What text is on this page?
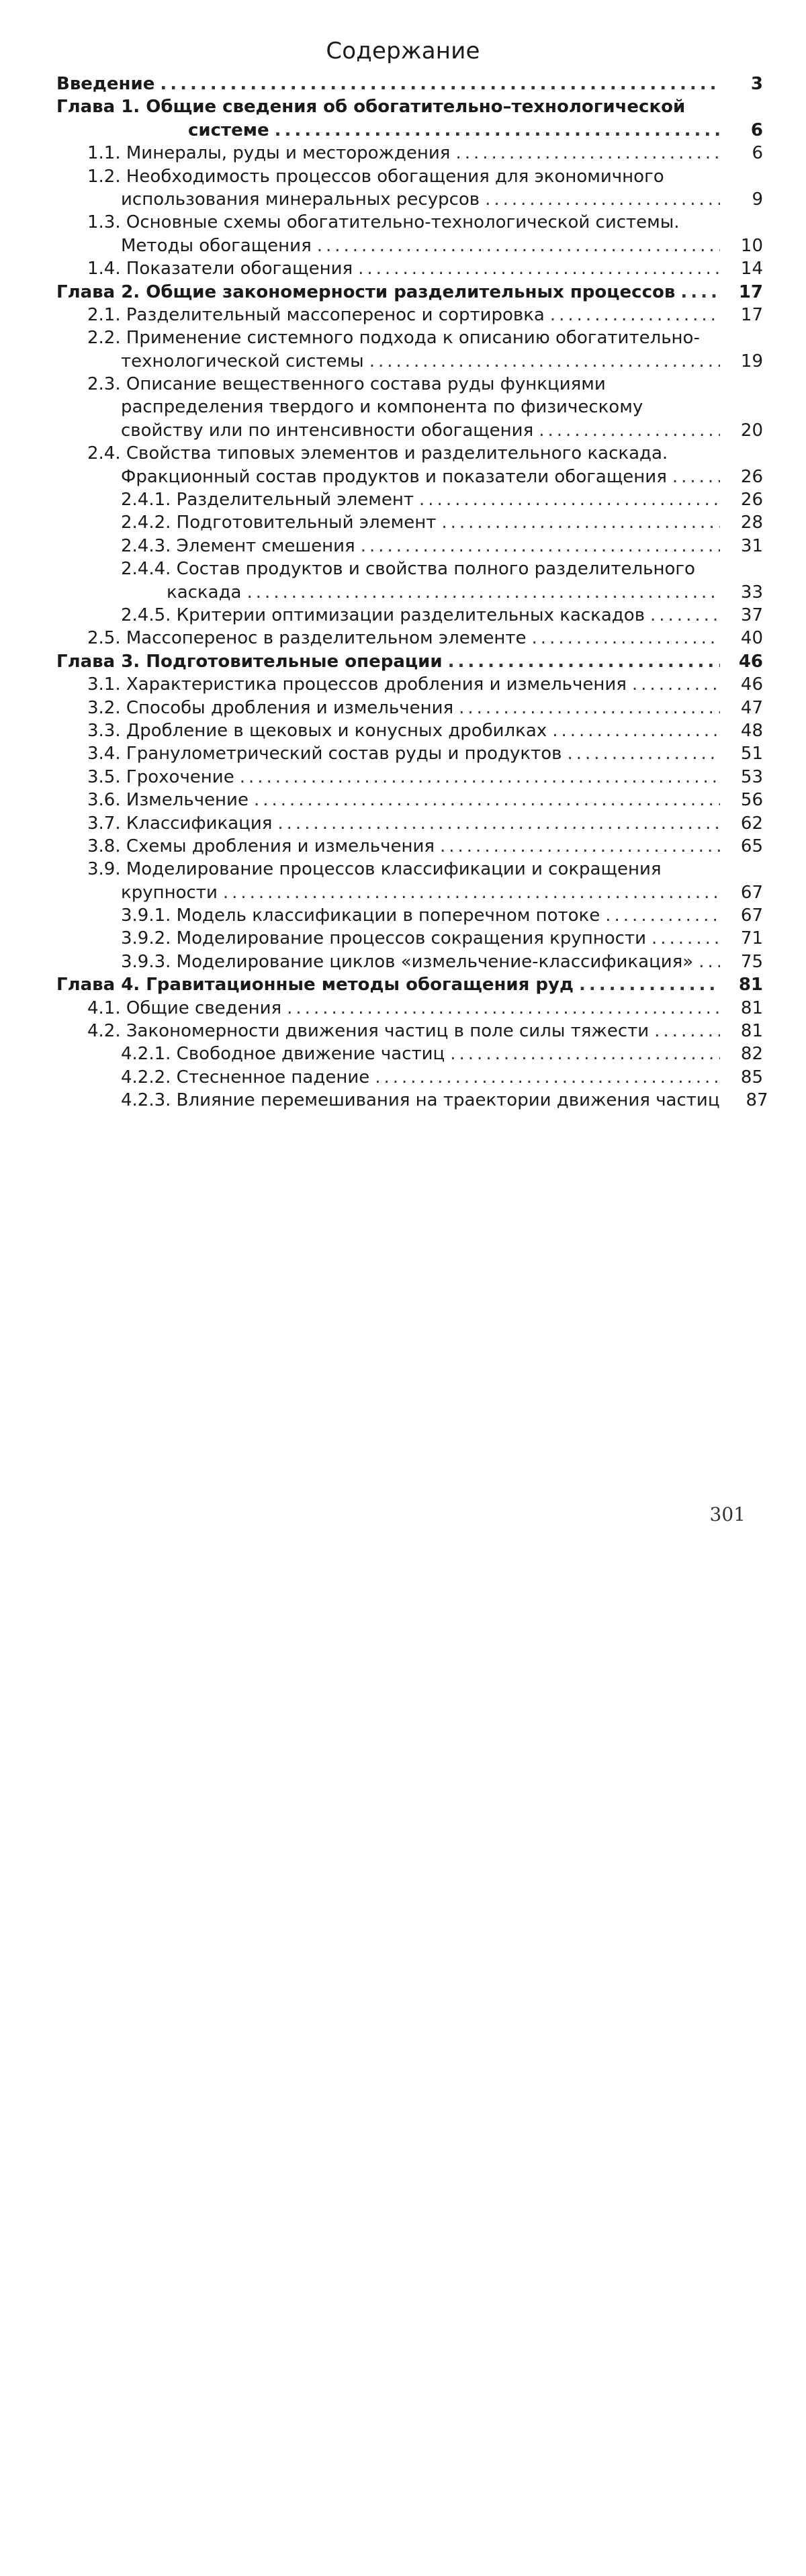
Содержание
Введение .....	3
Глава 1. Общие сведения об обогатительно–технологической
системе .....	6
1.1. Минералы, руды и месторождения .....	6
1.2. Необходимость процессов обогащения для экономичного
использования минеральных ресурсов .....	9
1.3. Основные схемы обогатительно-технологической системы.
Методы обогащения .....	10
1.4. Показатели обогащения .....	14
Глава 2. Общие закономерности разделительных процессов .....	17
2.1. Разделительный массоперенос и сортировка .....	17
2.2. Применение системного подхода к описанию обогатительно-
технологической системы .....	19
2.3. Описание вещественного состава руды функциями
распределения твердого и компонента по физическому
свойству или по интенсивности обогащения .....	20
2.4. Свойства типовых элементов и разделительного каскада.
Фракционный состав продуктов и показатели обогащения .....	26
2.4.1. Разделительный элемент .....	26
2.4.2. Подготовительный элемент .....	28
2.4.3. Элемент смешения .....	31
2.4.4. Состав продуктов и свойства полного разделительного
каскада .....	33
2.4.5. Критерии оптимизации разделительных каскадов .....	37
2.5. Массоперенос в разделительном элементе .....	40
Глава 3. Подготовительные операции .....	46
3.1. Характеристика процессов дробления и измельчения .....	46
3.2. Способы дробления и измельчения .....	47
3.3. Дробление в щековых и конусных дробилках .....	48
3.4. Гранулометрический состав руды и продуктов .....	51
3.5. Грохочение .....	53
3.6. Измельчение .....	56
3.7. Классификация .....	62
3.8. Схемы дробления и измельчения .....	65
3.9. Моделирование процессов классификации и сокращения
крупности .....	67
3.9.1. Модель классификации в поперечном потоке .....	67
3.9.2. Моделирование процессов сокращения крупности .....	71
3.9.3. Моделирование циклов «измельчение-классификация» .....	75
Глава 4. Гравитационные методы обогащения руд .....	81
4.1. Общие сведения .....	81
4.2. Закономерности движения частиц в поле силы тяжести .....	81
4.2.1. Свободное движение частиц .....	82
4.2.2. Стесненное падение .....	85
4.2.3. Влияние перемешивания на траектории движения частиц	87
301
